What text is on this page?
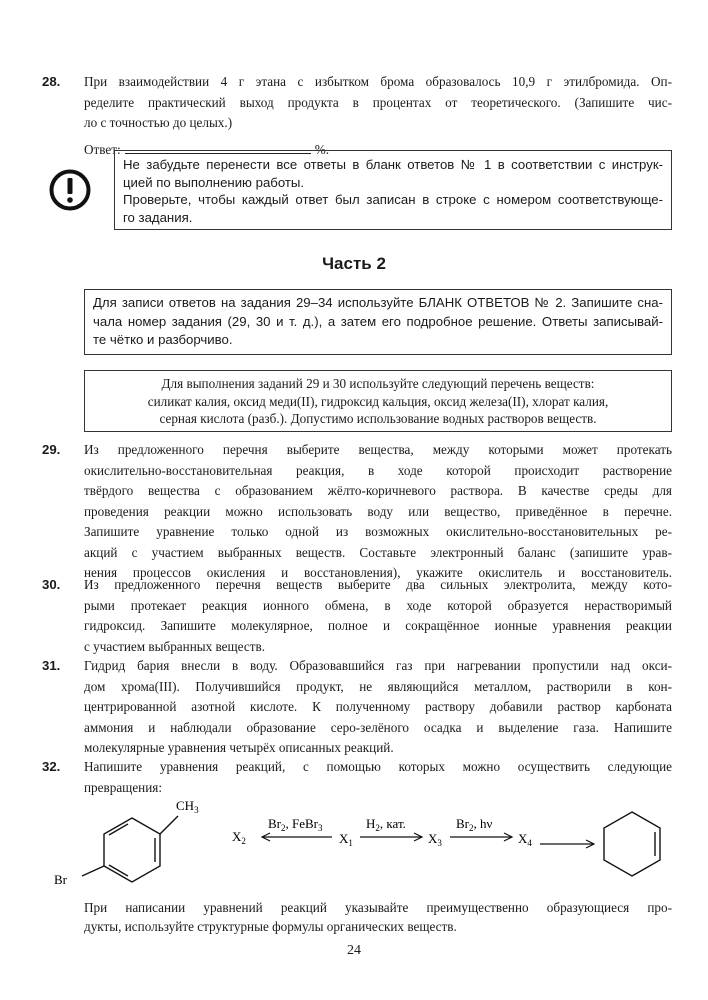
28. При взаимодействии 4 г этана с избытком брома образовалось 10,9 г этилбромида. Оп-
ределите практический выход продукта в процентах от теоретического. (Запишите чис-
ло с точностью до целых.)
Ответ:	%.
Не забудьте перенести все ответы в бланк ответов № 1 в соответствии с инструк-
цией по выполнению работы.
Проверьте, чтобы каждый ответ был записан в строке с номером соответствующе-
го задания.
Часть 2
Для записи ответов на задания 29–34 используйте БЛАНК ОТВЕТОВ № 2. Запишите сна-
чала номер задания (29, 30 и т. д.), а затем его подробное решение. Ответы записывай-
те чётко и разборчиво.
Для выполнения заданий 29 и 30 используйте следующий перечень веществ:
силикат калия, оксид меди(II), гидроксид кальция, оксид железа(II), хлорат калия,
серная кислота (разб.). Допустимо использование водных растворов веществ.
29. Из предложенного перечня выберите вещества, между которыми может протекать
окислительно-восстановительная реакция, в ходе которой происходит растворение
твёрдого вещества с образованием жёлто-коричневого раствора. В качестве среды для
проведения реакции можно использовать воду или вещество, приведённое в перечне.
Запишите уравнение только одной из возможных окислительно-восстановительных ре-
акций с участием выбранных веществ. Составьте электронный баланс (запишите урав-
нения процессов окисления и восстановления), укажите окислитель и восстановитель.
30. Из предложенного перечня веществ выберите два сильных электролита, между кото-
рыми протекает реакция ионного обмена, в ходе которой образуется нерастворимый
гидроксид. Запишите молекулярное, полное и сокращённое ионные уравнения реакции
с участием выбранных веществ.
31. Гидрид бария внесли в воду. Образовавшийся газ при нагревании пропустили над окси-
дом хрома(III). Получившийся продукт, не являющийся металлом, растворили в кон-
центрированной азотной кислоте. К полученному раствору добавили раствор карбоната
аммония и наблюдали образование серо-зелёного осадка и выделение газа. Напишите
молекулярные уравнения четырёх описанных реакций.
32. Напишите уравнения реакций, с помощью которых можно осуществить следующие
превращения:
$CH_3$
Br
$X_2$
$Br_2$, FeBr$_3$
$X_1$
$H_2$, кат.
$X_3$
$Br_2$, hν
$X_4$
При написании уравнений реакций указывайте преимущественно образующиеся про-
дукты, используйте структурные формулы органических веществ.
24
